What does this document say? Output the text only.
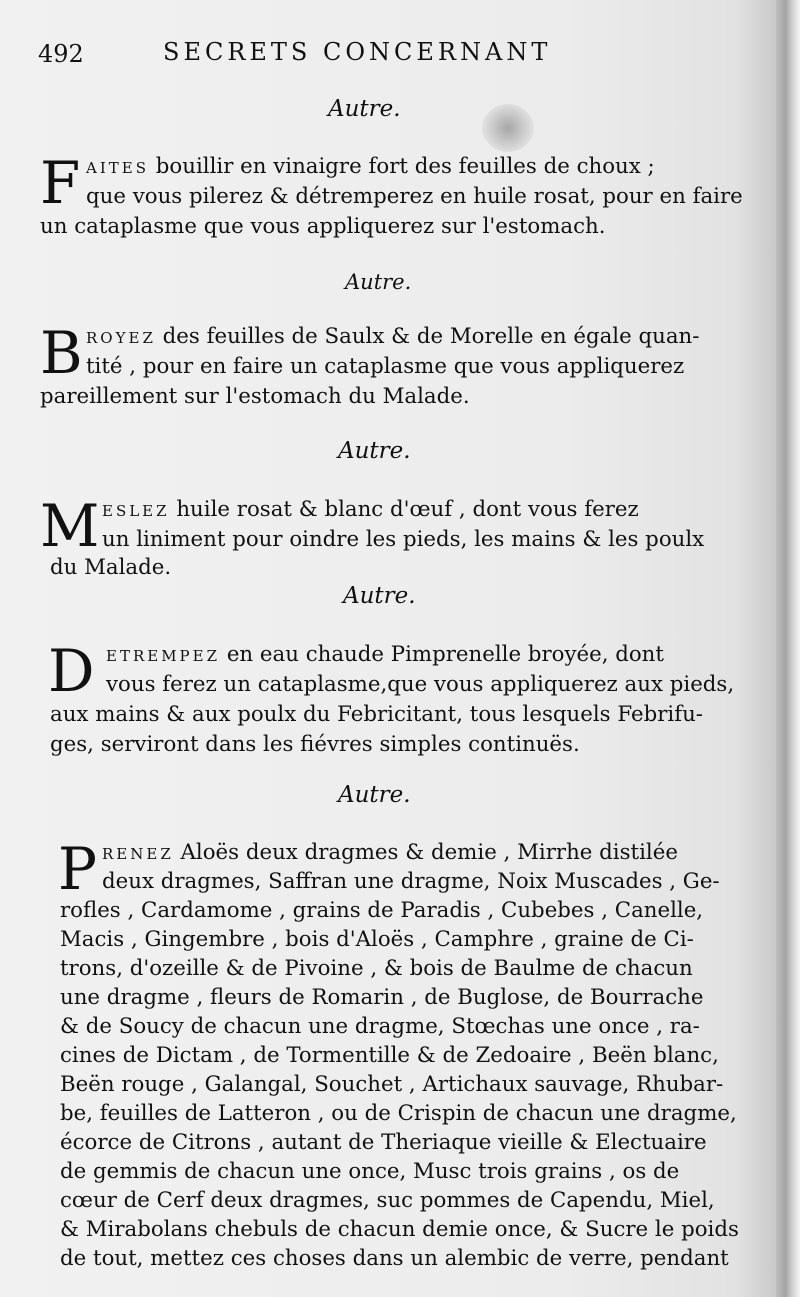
492	SECRETS CONCERNANT
Autre.
F AITES bouillir en vinaigre fort des feuilles de choux ;
que vous pilerez & détremperez en huile rosat, pour en faire
un cataplasme que vous appliquerez sur l'estomach.
Autre.
B ROYEZ des feuilles de Saulx & de Morelle en égale quan-
tité , pour en faire un cataplasme que vous appliquerez
pareillement sur l'estomach du Malade.
Autre.
M ESLEZ huile rosat & blanc d'œuf , dont vous ferez
un liniment pour oindre les pieds, les mains & les poulx
du Malade.
Autre.
D ETREMPEZ en eau chaude Pimprenelle broyée, dont
vous ferez un cataplasme,que vous appliquerez aux pieds,
aux mains & aux poulx du Febricitant, tous lesquels Febrifu-
ges, serviront dans les fiévres simples continuës.
Autre.
P RENEZ Aloës deux dragmes & demie , Mirrhe distilée
deux dragmes, Saffran une dragme, Noix Muscades , Ge-
rofles , Cardamome , grains de Paradis , Cubebes , Canelle,
Macis , Gingembre , bois d'Aloës , Camphre , graine de Ci-
trons, d'ozeille & de Pivoine , & bois de Baulme de chacun
une dragme , fleurs de Romarin , de Buglose, de Bourrache
& de Soucy de chacun une dragme, Stœchas une once , ra-
cines de Dictam , de Tormentille & de Zedoaire , Beën blanc,
Beën rouge , Galangal, Souchet , Artichaux sauvage, Rhubar-
be, feuilles de Latteron , ou de Crispin de chacun une dragme,
écorce de Citrons , autant de Theriaque vieille & Electuaire
de gemmis de chacun une once, Musc trois grains , os de
cœur de Cerf deux dragmes, suc pommes de Capendu, Miel,
& Mirabolans chebuls de chacun demie once, & Sucre le poids
de tout, mettez ces choses dans un alembic de verre, pendant
